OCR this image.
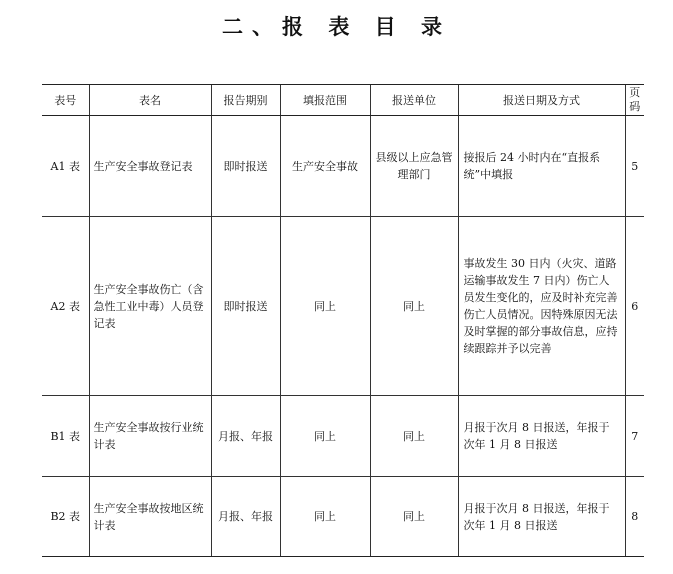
二、报 表 目 录
表号	表名	报告期别	填报范围	报送单位	报送日期及方式	页
码

A1 表	生产安全事故登记表	即时报送	生产安全事故	县级以上应急管理部门	接报后 24 小时内在“直报系统”中填报	5
A2 表	生产安全事故伤亡（含急性工业中毒）人员登记表	即时报送	同上	同上	事故发生 30 日内（火灾、道路运输事故发生 7 日内）伤亡人员发生变化的，应及时补充完善伤亡人员情况。因特殊原因无法及时掌握的部分事故信息，应持续跟踪并予以完善	6
B1 表	生产安全事故按行业统计表	月报、年报	同上	同上	月报于次月 8 日报送，年报于次年 1 月 8 日报送	7
B2 表	生产安全事故按地区统计表	月报、年报	同上	同上	月报于次月 8 日报送，年报于次年 1 月 8 日报送	8
